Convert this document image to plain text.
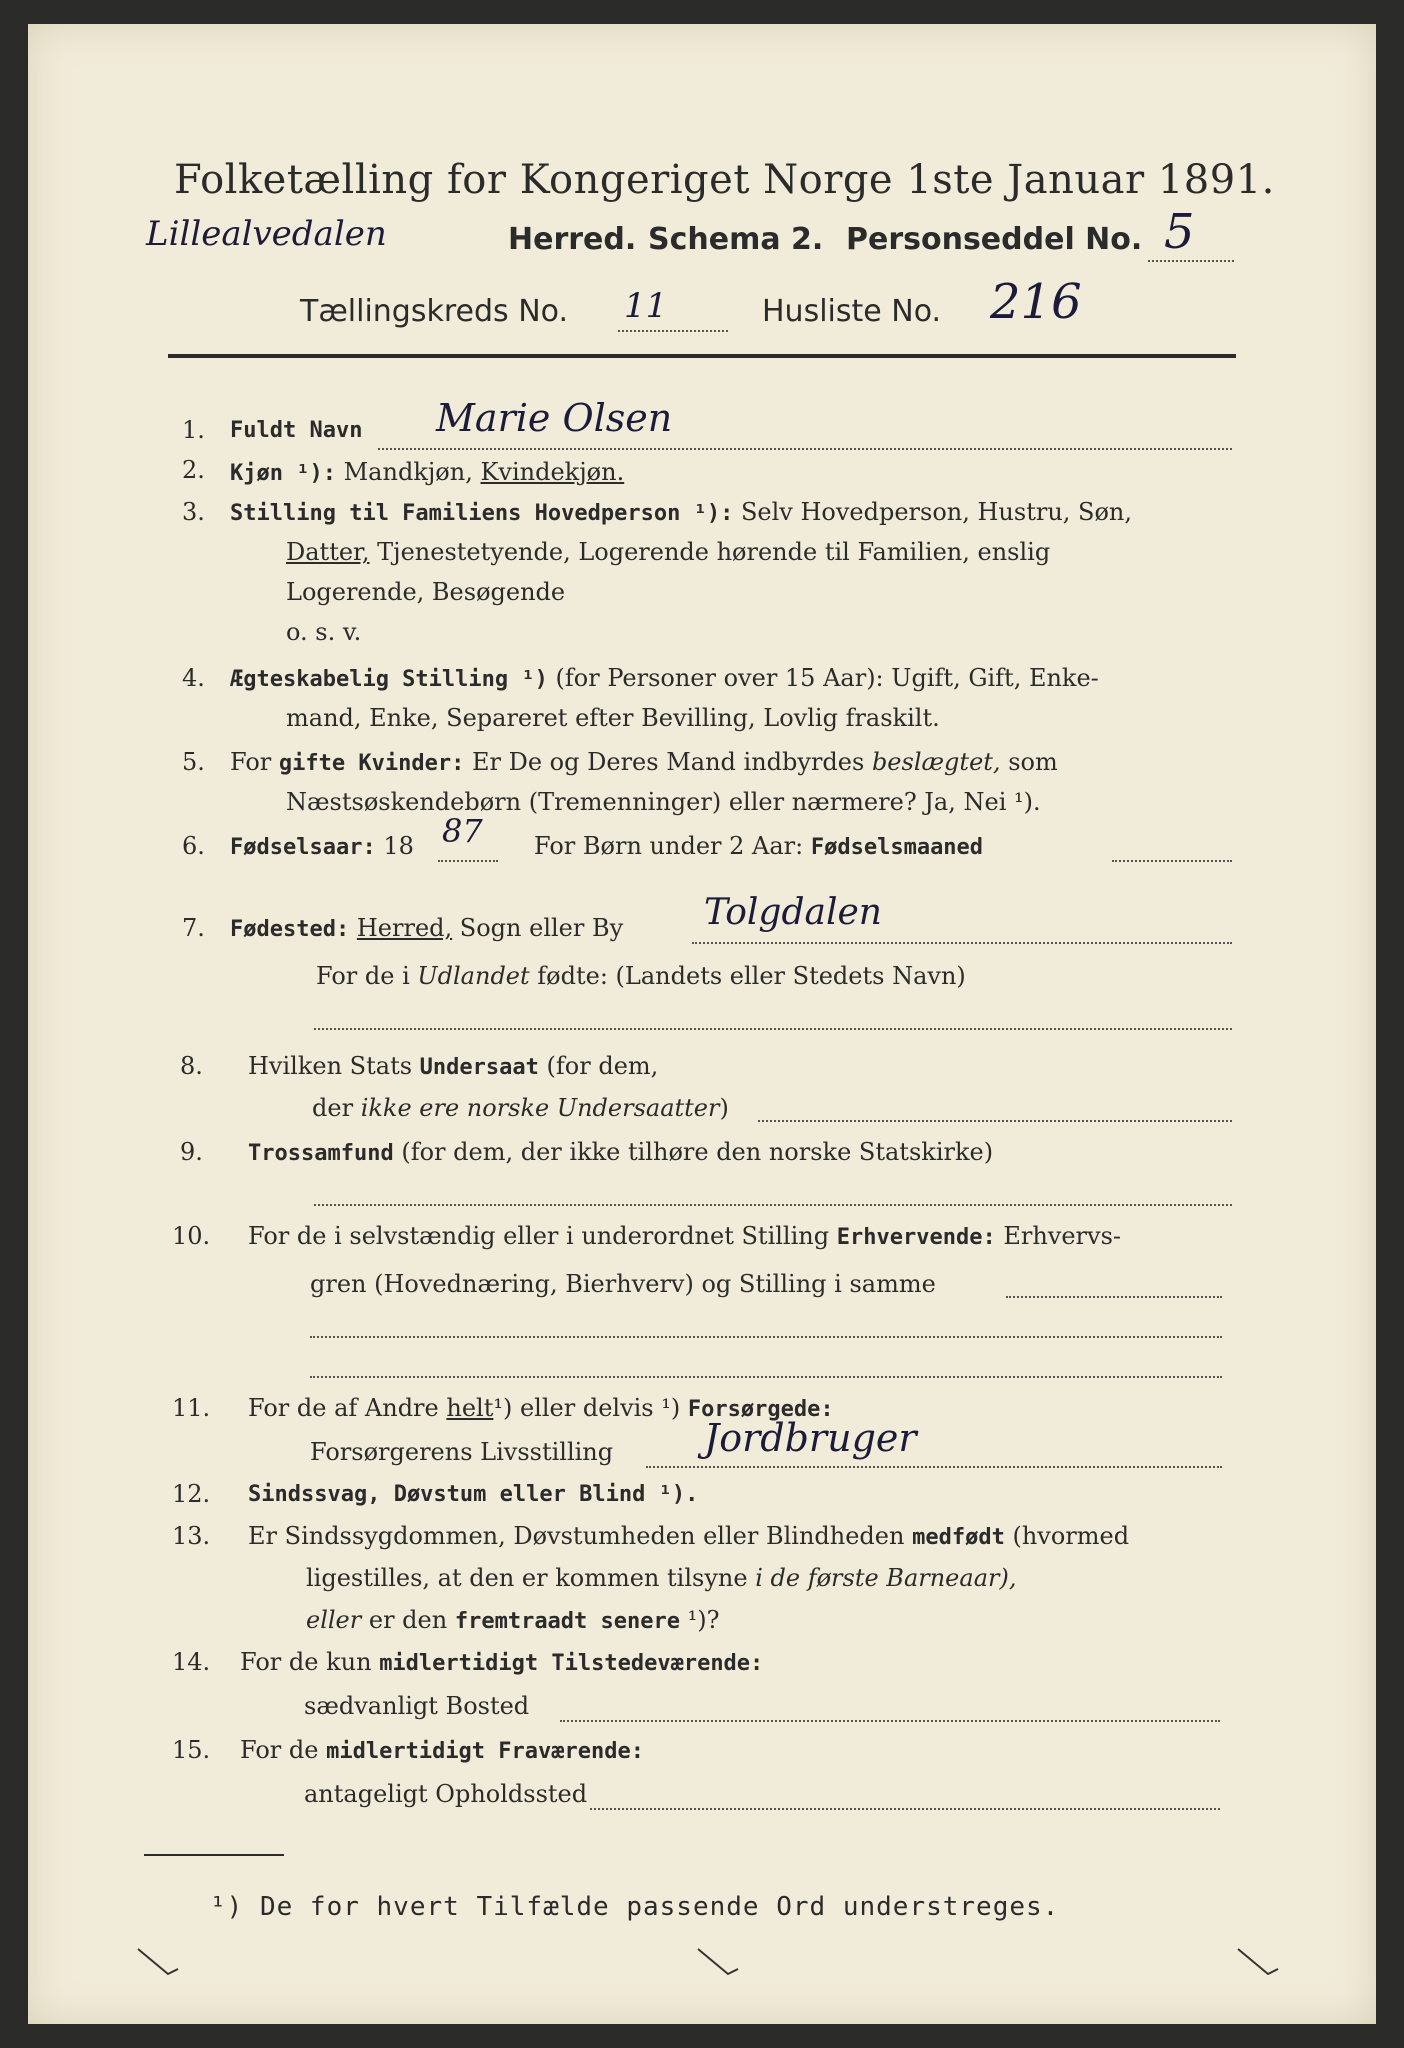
Folketælling for Kongeriget Norge 1ste Januar 1891.
Lillealvedalen	Herred. Schema 2. Personseddel No. 5
Tællingskreds No. 11	Husliste No. 216
1. Fuldt Navn Marie Olsen
2. Kjøn ¹): Mandkjøn, Kvindekjøn.
3. Stilling til Familiens Hovedperson ¹): Selv Hovedperson, Hustru, Søn,
Datter, Tjenestetyende, Logerende hørende til Familien, enslig
Logerende, Besøgende
o. s. v.
4. Ægteskabelig Stilling ¹) (for Personer over 15 Aar): Ugift, Gift, Enke-
mand, Enke, Separeret efter Bevilling, Lovlig fraskilt.
5. For gifte Kvinder: Er De og Deres Mand indbyrdes beslægtet, som
Næstsøskendebørn (Tremenninger) eller nærmere? Ja, Nei ¹).
6. Fødselsaar: 18 87 For Børn under 2 Aar: Fødselsmaaned
7. Fødested: Herred, Sogn eller By Tolgdalen
For de i Udlandet fødte: (Landets eller Stedets Navn)
8. Hvilken Stats Undersaat (for dem,
der ikke ere norske Undersaatter)
9. Trossamfund (for dem, der ikke tilhøre den norske Statskirke)
10. For de i selvstændig eller i underordnet Stilling Erhvervende: Erhvervs-
gren (Hovednæring, Bierhverv) og Stilling i samme
11. For de af Andre helt¹) eller delvis ¹) Forsørgede:
Forsørgerens Livsstilling Jordbruger
12. Sindssvag, Døvstum eller Blind ¹).
13. Er Sindssygdommen, Døvstumheden eller Blindheden medfødt (hvormed
ligestilles, at den er kommen tilsyne i de første Barneaar),
eller er den fremtraadt senere ¹)?
14. For de kun midlertidigt Tilstedeværende:
sædvanligt Bosted
15. For de midlertidigt Fraværende:
antageligt Opholdssted
¹) De for hvert Tilfælde passende Ord understreges.
